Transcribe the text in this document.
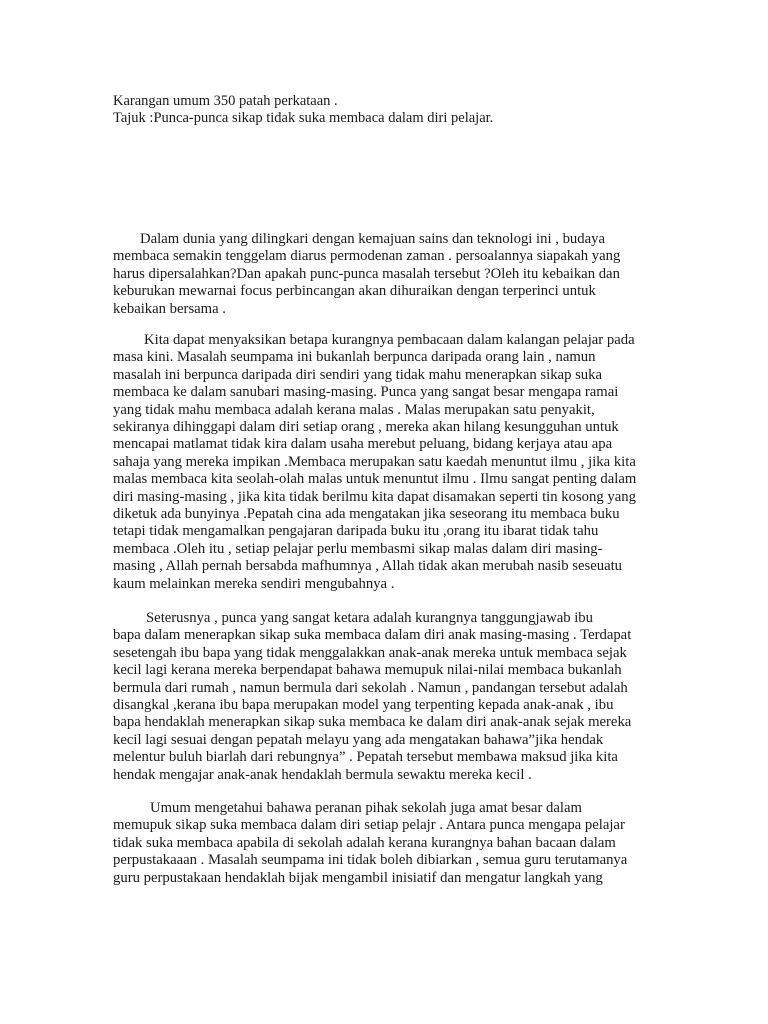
Karangan umum 350 patah perkataan .
Tajuk :Punca-punca sikap tidak suka membaca dalam diri pelajar.
Dalam dunia yang dilingkari dengan kemajuan sains dan teknologi ini , budaya
membaca semakin tenggelam diarus permodenan zaman . persoalannya siapakah yang
harus dipersalahkan?Dan apakah punc-punca masalah tersebut ?Oleh itu kebaikan dan
keburukan mewarnai focus perbincangan akan dihuraikan dengan terperinci untuk
kebaikan bersama .
Kita dapat menyaksikan betapa kurangnya pembacaan dalam kalangan pelajar pada
masa kini. Masalah seumpama ini bukanlah berpunca daripada orang lain , namun
masalah ini berpunca daripada diri sendiri yang tidak mahu menerapkan sikap suka
membaca ke dalam sanubari masing-masing. Punca yang sangat besar mengapa ramai
yang tidak mahu membaca adalah kerana malas . Malas merupakan satu penyakit,
sekiranya dihinggapi dalam diri setiap orang , mereka akan hilang kesungguhan untuk
mencapai matlamat tidak kira dalam usaha merebut peluang, bidang kerjaya atau apa
sahaja yang mereka impikan .Membaca merupakan satu kaedah menuntut ilmu , jika kita
malas membaca kita seolah-olah malas untuk menuntut ilmu . Ilmu sangat penting dalam
diri masing-masing , jika kita tidak berilmu kita dapat disamakan seperti tin kosong yang
diketuk ada bunyinya .Pepatah cina ada mengatakan jika seseorang itu membaca buku
tetapi tidak mengamalkan pengajaran daripada buku itu ,orang itu ibarat tidak tahu
membaca .Oleh itu , setiap pelajar perlu membasmi sikap malas dalam diri masing-
masing , Allah pernah bersabda mafhumnya , Allah tidak akan merubah nasib seseuatu
kaum melainkan mereka sendiri mengubahnya .
Seterusnya , punca yang sangat ketara adalah kurangnya tanggungjawab ibu
bapa dalam menerapkan sikap suka membaca dalam diri anak masing-masing . Terdapat
sesetengah ibu bapa yang tidak menggalakkan anak-anak mereka untuk membaca sejak
kecil lagi kerana mereka berpendapat bahawa memupuk nilai-nilai membaca bukanlah
bermula dari rumah , namun bermula dari sekolah . Namun , pandangan tersebut adalah
disangkal ,kerana ibu bapa merupakan model yang terpenting kepada anak-anak , ibu
bapa hendaklah menerapkan sikap suka membaca ke dalam diri anak-anak sejak mereka
kecil lagi sesuai dengan pepatah melayu yang ada mengatakan bahawa”jika hendak
melentur buluh biarlah dari rebungnya” . Pepatah tersebut membawa maksud jika kita
hendak mengajar anak-anak hendaklah bermula sewaktu mereka kecil .
Umum mengetahui bahawa peranan pihak sekolah juga amat besar dalam
memupuk sikap suka membaca dalam diri setiap pelajr . Antara punca mengapa pelajar
tidak suka membaca apabila di sekolah adalah kerana kurangnya bahan bacaan dalam
perpustakaaan . Masalah seumpama ini tidak boleh dibiarkan , semua guru terutamanya
guru perpustakaan hendaklah bijak mengambil inisiatif dan mengatur langkah yang
